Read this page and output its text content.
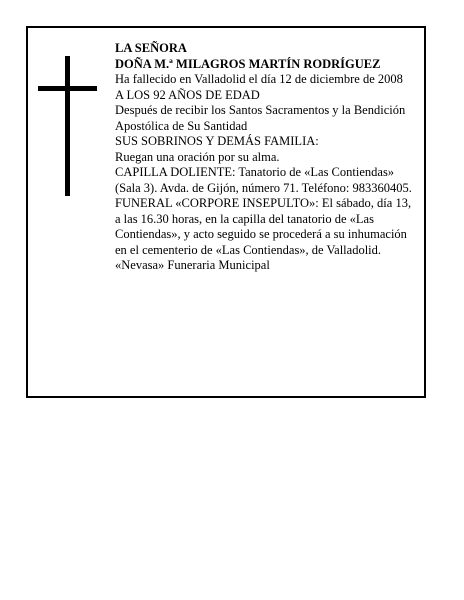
LA SEÑORA

DOÑA M.ª MILAGROS MARTÍN RODRÍGUEZ

Ha fallecido en Valladolid el día 12 de diciembre de 2008

A LOS 92 AÑOS DE EDAD

Después de recibir los Santos Sacramentos y la Bendición Apostólica de Su Santidad

SUS SOBRINOS Y DEMÁS FAMILIA:

Ruegan una oración por su alma.

CAPILLA DOLIENTE: Tanatorio de «Las Contiendas» (Sala 3). Avda. de Gijón, número 71. Teléfono: 983360405.

FUNERAL «CORPORE INSEPULTO»: El sábado, día 13, a las 16.30 horas, en la capilla del tanatorio de «Las Contiendas», y acto seguido se procederá a su inhumación en el cementerio de «Las Contiendas», de Valladolid.

«Nevasa» Funeraria Municipal
